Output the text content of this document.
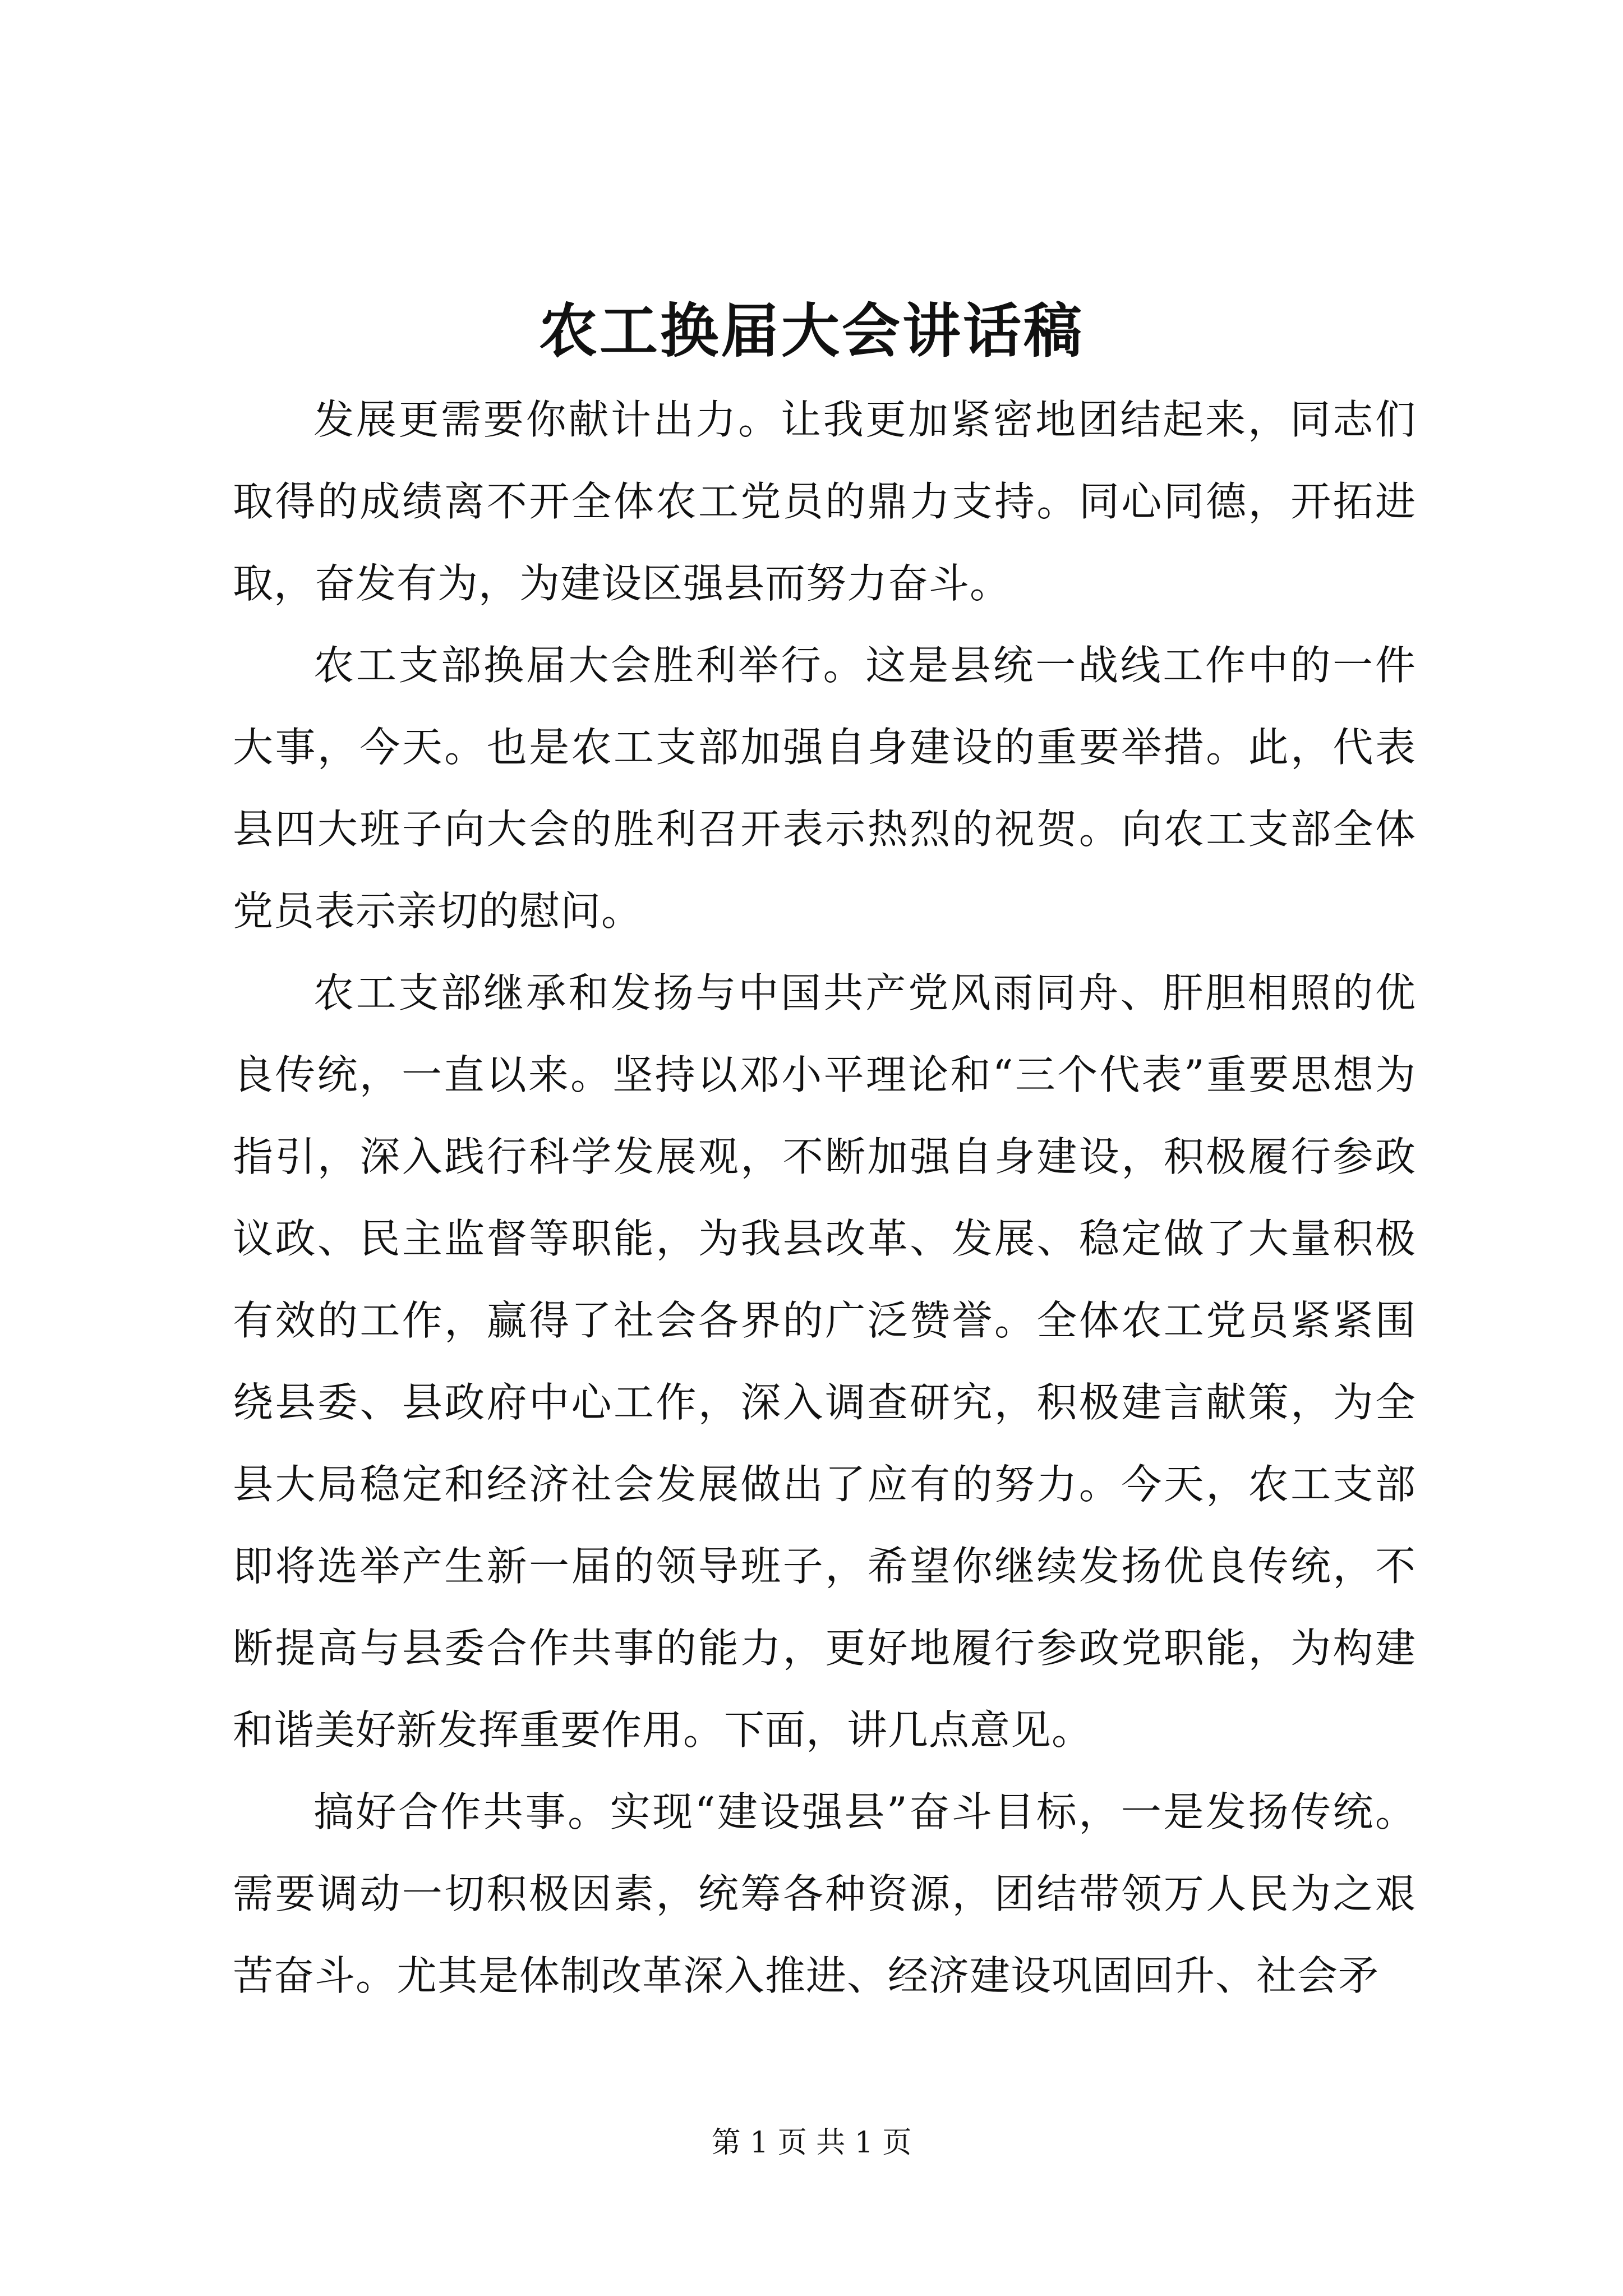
农工换届大会讲话稿

发展更需要你献计出力。让我更加紧密地团结起来，同志们取得的成绩离不开全体农工党员的鼎力支持。同心同德，开拓进取，奋发有为，为建设区强县而努力奋斗。

农工支部换届大会胜利举行。这是县统一战线工作中的一件大事，今天。也是农工支部加强自身建设的重要举措。此，代表县四大班子向大会的胜利召开表示热烈的祝贺。向农工支部全体党员表示亲切的慰问。

农工支部继承和发扬与中国共产党风雨同舟、肝胆相照的优良传统，一直以来。坚持以邓小平理论和“三个代表”重要思想为指引，深入践行科学发展观，不断加强自身建设，积极履行参政议政、民主监督等职能，为我县改革、发展、稳定做了大量积极有效的工作，赢得了社会各界的广泛赞誉。全体农工党员紧紧围绕县委、县政府中心工作，深入调查研究，积极建言献策，为全县大局稳定和经济社会发展做出了应有的努力。今天，农工支部即将选举产生新一届的领导班子，希望你继续发扬优良传统，不断提高与县委合作共事的能力，更好地履行参政党职能，为构建和谐美好新发挥重要作用。下面，讲几点意见。

搞好合作共事。实现“建设强县”奋斗目标，一是发扬传统。需要调动一切积极因素，统筹各种资源，团结带领万人民为之艰苦奋斗。尤其是体制改革深入推进、经济建设巩固回升、社会矛

第 1 页 共 1 页
